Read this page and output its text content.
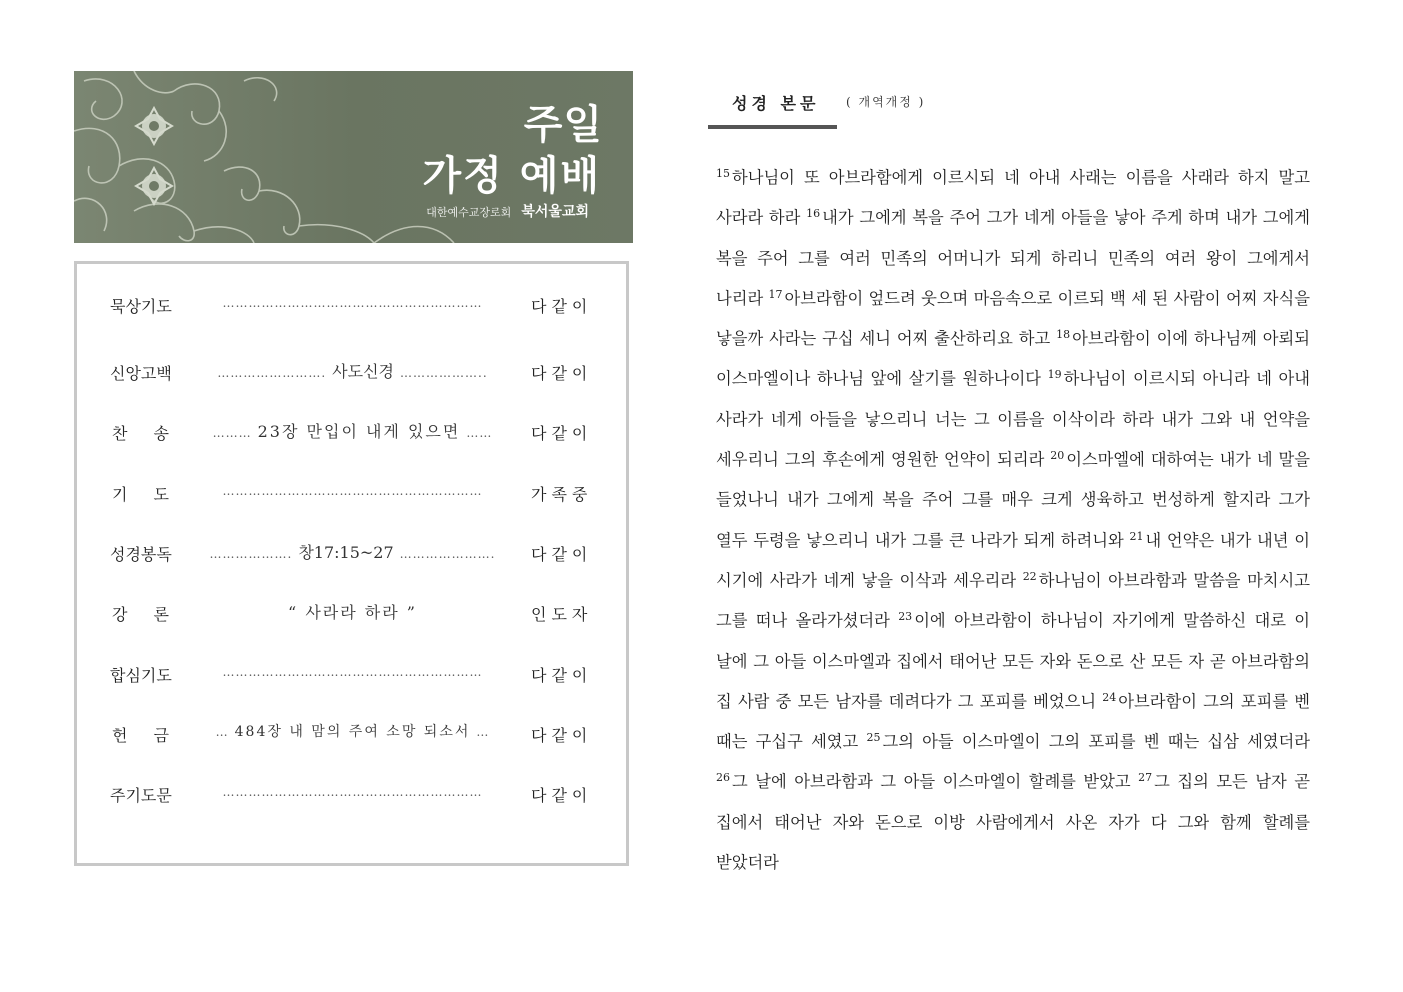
주일
가정 예배
대한예수교장로회 북서울교회
묵상기도	……………………………………………………	다같이
신앙고백	……………………. 사도신경 ………………..	다같이
찬송	……… 23장 만입이 내게 있으면 ……	다같이
기도	……………………………………………………	가족중
성경봉독	………………. 창17:15~27 ………………….	다같이
강론	“ 사라라 하라 ”	인도자
합심기도	……………………………………………………	다같이
헌금	… 484장 내 맘의 주여 소망 되소서 …	다같이
주기도문	……………………………………………………	다같이
성경 본문 ( 개역개정 )
$^{15}$ 하나님이 또 아브라함에게 이르시되 네 아내 사래는 이름을 사래라 하지 말고 사라라 하라 $^{16}$ 내가 그에게 복을 주어 그가 네게 아들을 낳아 주게 하며 내가 그에게 복을 주어 그를 여러 민족의 어머니가 되게 하리니 민족의 여러 왕이 그에게서 나리라 $^{17}$ 아브라함이 엎드려 웃으며 마음속으로 이르되 백 세 된 사람이 어찌 자식을 낳을까 사라는 구십 세니 어찌 출산하리요 하고 $^{18}$ 아브라함이 이에 하나님께 아뢰되 이스마엘이나 하나님 앞에 살기를 원하나이다 $^{19}$ 하나님이 이르시되 아니라 네 아내 사라가 네게 아들을 낳으리니 너는 그 이름을 이삭이라 하라 내가 그와 내 언약을 세우리니 그의 후손에게 영원한 언약이 되리라 $^{20}$ 이스마엘에 대하여는 내가 네 말을 들었나니 내가 그에게 복을 주어 그를 매우 크게 생육하고 번성하게 할지라 그가 열두 두령을 낳으리니 내가 그를 큰 나라가 되게 하려니와 $^{21}$ 내 언약은 내가 내년 이 시기에 사라가 네게 낳을 이삭과 세우리라 $^{22}$ 하나님이 아브라함과 말씀을 마치시고 그를 떠나 올라가셨더라 $^{23}$ 이에 아브라함이 하나님이 자기에게 말씀하신 대로 이 날에 그 아들 이스마엘과 집에서 태어난 모든 자와 돈으로 산 모든 자 곧 아브라함의 집 사람 중 모든 남자를 데려다가 그 포피를 베었으니 $^{24}$ 아브라함이 그의 포피를 벤 때는 구십구 세였고 $^{25}$ 그의 아들 이스마엘이 그의 포피를 벤 때는 십삼 세였더라 $^{26}$ 그 날에 아브라함과 그 아들 이스마엘이 할례를 받았고 $^{27}$ 그 집의 모든 남자 곧 집에서 태어난 자와 돈으로 이방 사람에게서 사온 자가 다 그와 함께 할례를 받았더라
